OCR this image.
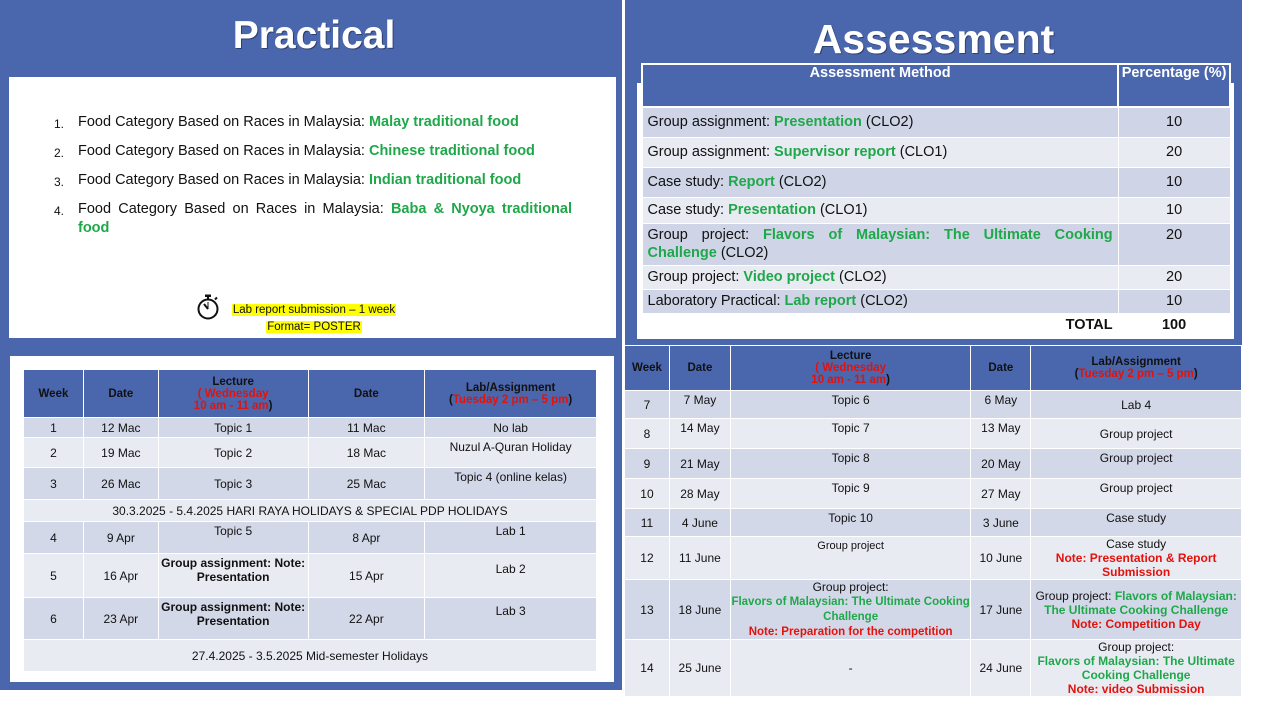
Practical
1. Food Category Based on Races in Malaysia: Malay traditional food
2. Food Category Based on Races in Malaysia: Chinese traditional food
3. Food Category Based on Races in Malaysia: Indian traditional food
4. Food Category Based on Races in Malaysia: Baba & Nyoya traditional food
Lab report submission – 1 week
Format= POSTER
Assessment
Assessment Method	Percentage (%)
Group assignment: Presentation (CLO2)	10
Group assignment: Supervisor report (CLO1)	20
Case study: Report (CLO2)	10
Case study: Presentation (CLO1)	10
Group project: Flavors of Malaysian: The Ultimate Cooking Challenge (CLO2)	20
Group project: Video project (CLO2)	20
Laboratory Practical: Lab report (CLO2)	10
TOTAL	100
Week	Date	Lecture
( Wednesday
10 am - 11 am)	Date	Lab/Assignment
(Tuesday 2 pm – 5 pm)
1	12 Mac	Topic 1	11 Mac	No lab
2	19 Mac	Topic 2	18 Mac	Nuzul A-Quran Holiday
3	26 Mac	Topic 3	25 Mac	Topic 4 (online kelas)
30.3.2025 - 5.4.2025 HARI RAYA HOLIDAYS & SPECIAL PDP HOLIDAYS				
4	9 Apr	Topic 5	8 Apr	Lab 1
5	16 Apr	Group assignment: Note: Presentation	15 Apr	Lab 2
6	23 Apr	Group assignment: Note: Presentation	22 Apr	Lab 3
27.4.2025 - 3.5.2025 Mid-semester Holidays				
Week	Date	Lecture
( Wednesday
10 am - 11 am)	Date	Lab/Assignment
(Tuesday 2 pm – 5 pm)
7	7 May	Topic 6	6 May	Lab 4
8	14 May	Topic 7	13 May	Group project
9	21 May	Topic 8	20 May	Group project
10	28 May	Topic 9	27 May	Group project
11	4 June	Topic 10	3 June	Case study
12	11 June	Group project	10 June	Case study
Note: Presentation & Report Submission
13	18 June	Group project:
Flavors of Malaysian: The Ultimate Cooking Challenge
Note: Preparation for the competition	17 June	Group project: Flavors of Malaysian: The Ultimate Cooking Challenge
Note: Competition Day
14	25 June	-	24 June	Group project:
Flavors of Malaysian: The Ultimate Cooking Challenge
Note: video Submission
